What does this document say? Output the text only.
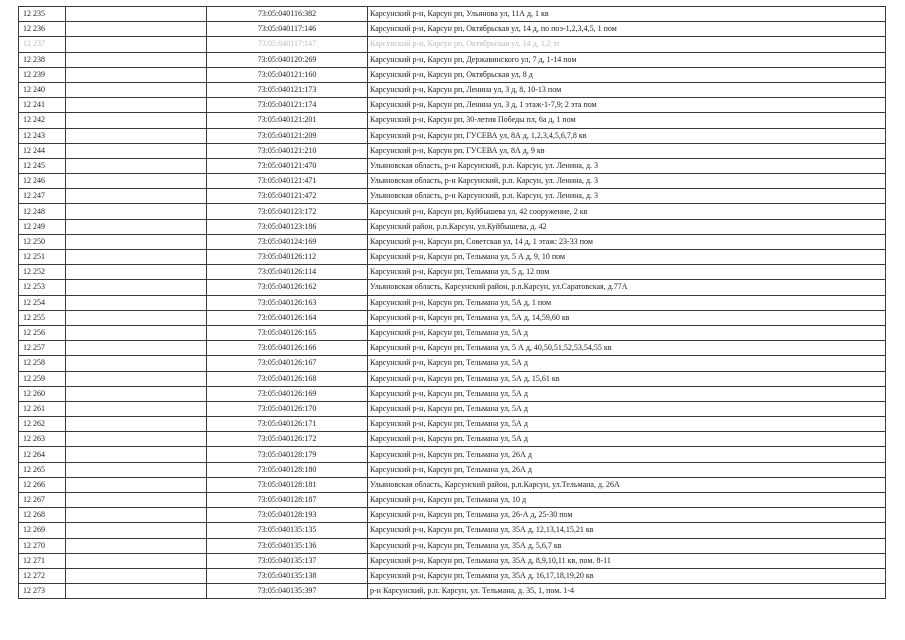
12 235		73:05:040116:382	Карсунский р-н, Карсун рп, Ульянова ул, 11А д, 1 кв
12 236		73:05:040117:146	Карсунский р-н, Карсун рп, Октябрьская ул, 14 д, по поэ-1,2,3,4,5, 1 пом
12 237		73:05:040117:147	Карсунский р-н, Карсун рп, Октябрьская ул, 14 д, 1,2 эт
12 238		73:05:040120:269	Карсунский р-н, Карсун рп, Державинского ул, 7 д, 1-14 пом
12 239		73:05:040121:160	Карсунский р-н, Карсун рп, Октябрьская ул, 8 д
12 240		73:05:040121:173	Карсунский р-н, Карсун рп, Ленина ул, 3 д, 8, 10-13 пом
12 241		73:05:040121:174	Карсунский р-н, Карсун рп, Ленина ул, 3 д, 1 этаж-1-7,9; 2 эта пом
12 242		73:05:040121:201	Карсунский р-н, Карсун рп, 30-летия Победы пл, 6а д, 1 пом
12 243		73:05:040121:209	Карсунский р-н, Карсун рп, ГУСЕВА ул, 8А д, 1,2,3,4,5,6,7,8 кв
12 244		73:05:040121:210	Карсунский р-н, Карсун рп, ГУСЕВА ул, 8А д, 9 кв
12 245		73:05:040121:470	Ульяновская область, р-н Карсунский, р.п. Карсун, ул. Ленина, д. 3
12 246		73:05:040121:471	Ульяновская область, р-н Карсунский, р.п. Карсун, ул. Ленина, д. 3
12 247		73:05:040121:472	Ульяновская область, р-н Карсунский, р.п. Карсун, ул. Ленина, д. 3
12 248		73:05:040123:172	Карсунский р-н, Карсун рп, Куйбышева ул, 42 сооружение, 2 кв
12 249		73:05:040123:186	Карсунский район, р.п.Карсун, ул.Куйбышева, д. 42
12 250		73:05:040124:169	Карсунский р-н, Карсун рп, Советская ул, 14 д, 1 этаж: 23-33 пом
12 251		73:05:040126:112	Карсунский р-н, Карсун рп, Тельмана ул, 5 А д, 9, 10 пом
12 252		73:05:040126:114	Карсунский р-н, Карсун рп, Тельмана ул, 5 д, 12 пом
12 253		73:05:040126:162	Ульяновская область, Карсунский район, р.п.Карсун, ул.Саратовская, д.77А
12 254		73:05:040126:163	Карсунский р-н, Карсун рп, Тельмана ул, 5А д, 1 пом
12 255		73:05:040126:164	Карсунский р-н, Карсун рп, Тельмана ул, 5А д, 14,59,60 кв
12 256		73:05:040126:165	Карсунский р-н, Карсун рп, Тельмана ул, 5А д
12 257		73:05:040126:166	Карсунский р-н, Карсун рп, Тельмана ул, 5 А д, 40,50,51,52,53,54,55 кв
12 258		73:05:040126:167	Карсунский р-н, Карсун рп, Тельмана ул, 5А д
12 259		73:05:040126:168	Карсунский р-н, Карсун рп, Тельмана ул, 5А д, 15,61 кв
12 260		73:05:040126:169	Карсунский р-н, Карсун рп, Тельмана ул, 5А д
12 261		73:05:040126:170	Карсунский р-н, Карсун рп, Тельмана ул, 5А д
12 262		73:05:040126:171	Карсунский р-н, Карсун рп, Тельмана ул, 5А д
12 263		73:05:040126:172	Карсунский р-н, Карсун рп, Тельмана ул, 5А д
12 264		73:05:040128:179	Карсунский р-н, Карсун рп, Тельмана ул, 26А д
12 265		73:05:040128:180	Карсунский р-н, Карсун рп, Тельмана ул, 26А д
12 266		73:05:040128:181	Ульяновская область, Карсунский район, р.п.Карсун, ул.Тельмана, д. 26А
12 267		73:05:040128:187	Карсунский р-н, Карсун рп, Тельмана ул, 10 д
12 268		73:05:040128:193	Карсунский р-н, Карсун рп, Тельмана ул, 26-А д, 25-30 пом
12 269		73:05:040135:135	Карсунский р-н, Карсун рп, Тельмана ул, 35А д, 12,13,14,15,21 кв
12 270		73:05:040135:136	Карсунский р-н, Карсун рп, Тельмана ул, 35А д, 5,6,7 кв
12 271		73:05:040135:137	Карсунский р-н, Карсун рп, Тельмана ул, 35А д, 8,9,10,11 кв, пом. 8-11
12 272		73:05:040135:138	Карсунский р-н, Карсун рп, Тельмана ул, 35А д, 16,17,18,19,20 кв
12 273		73:05:040135:397	р-н Карсунский, р.п. Карсун, ул. Тельмана, д. 35, 1, пом. 1-4
